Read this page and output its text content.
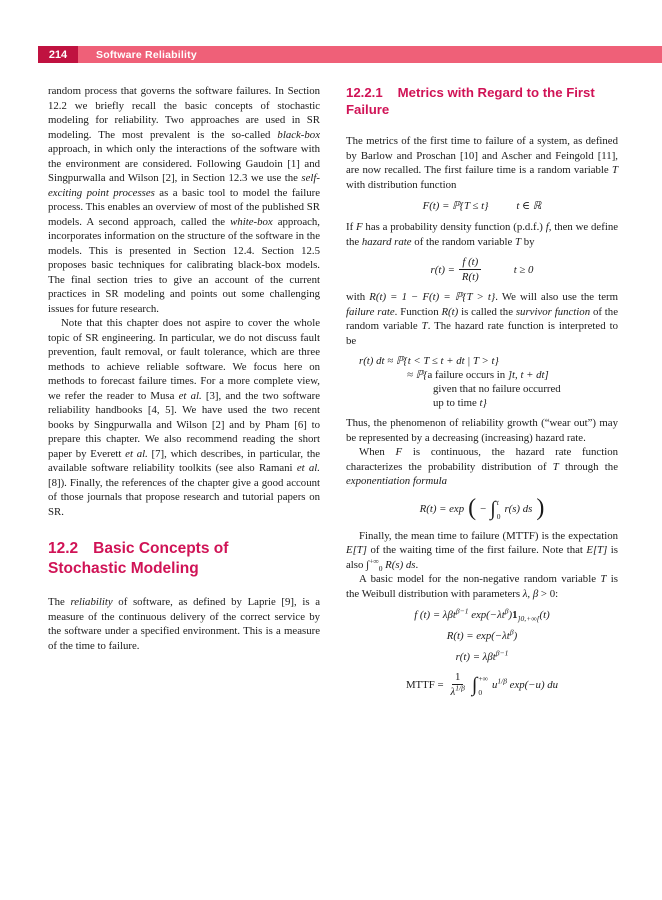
214	Software Reliability

random process that governs the software failures. In Section 12.2 we briefly recall the basic concepts of stochastic modeling for reliability. Two approaches are used in SR modeling. The most prevalent is the so-called black-box approach, in which only the interactions of the software with the environment are considered. Following Gaudoin [1] and Singpurwalla and Wilson [2], in Section 12.3 we use the self-exciting point processes as a basic tool to model the failure process. This enables an overview of most of the published SR models. A second approach, called the white-box approach, incorporates information on the structure of the software in the models. This is presented in Section 12.4. Section 12.5 proposes basic techniques for calibrating black-box models. The final section tries to give an account of the current practices in SR modeling and points out some challenging issues for future research.

Note that this chapter does not aspire to cover the whole topic of SR engineering. In particular, we do not discuss fault prevention, fault removal, or fault tolerance, which are three methods to achieve reliable software. We focus here on methods to forecast failure times. For a more complete view, we refer the reader to Musa et al. [3], and the two software reliability handbooks [4, 5]. We have used the two recent books by Singpurwalla and Wilson [2] and by Pham [6] to prepare this chapter. We also recommend reading the short paper by Everett et al. [7], which describes, in particular, the available software reliability toolkits (see also Ramani et al. [8]). Finally, the references of the chapter give a good account of those journals that propose research and tutorial papers on SR.

12.2 Basic Concepts of
Stochastic Modeling

The reliability of software, as defined by Laprie [9], is a measure of the continuous delivery of the correct service by the software under a specified environment. This is a measure of the time to failure.

12.2.1 Metrics with Regard to the First
Failure

The metrics of the first time to failure of a system, as defined by Barlow and Proschan [10] and Ascher and Feingold [11], are now recalled. The first failure time is a random variable T with distribution function

F(t) = ℙ{T ≤ t}	t ∈ ℝ

If F has a probability density function (p.d.f.) f, then we define the hazard rate of the random variable T by

$r(t) = \frac{f (t)}{R(t)}$	t ≥ 0

with R(t) = 1 − F(t) = ℙ{T > t}. We will also use the term failure rate. Function R(t) is called the survivor function of the random variable T. The hazard rate function is interpreted to be

r(t) dt ≈ ℙ{t < T ≤ t + dt | T > t}
≈ ℙ{a failure occurs in ]t, t + dt]
given that no failure occurred
up to time t}

Thus, the phenomenon of reliability growth (“wear out”) may be represented by a decreasing (increasing) hazard rate.

When F is continuous, the hazard rate function characterizes the probability distribution of T through the exponentiation formula

R(t) = exp ( − ∫ t
0
r(s) ds )

Finally, the mean time to failure (MTTF) is the expectation E[T] of the waiting time of the first failure. Note that E[T] is also $\int^{+\infty}_0$ R(s) ds.

A basic model for the non-negative random variable T is the Weibull distribution with parameters λ, β > 0:

f (t) = λβt$^{\beta-1}$ $\exp(-\lambda t^\beta)1_{]0,+\infty[}(t)$
$R(t) = \exp(-\lambda t^\beta)$
r(t) = λβt$^{\beta-1}$
MTTF = $\frac{1}{\lambda^{1/\beta}}$ ∫ +∞
0
$u^{1/\beta}$ exp(−u) du
